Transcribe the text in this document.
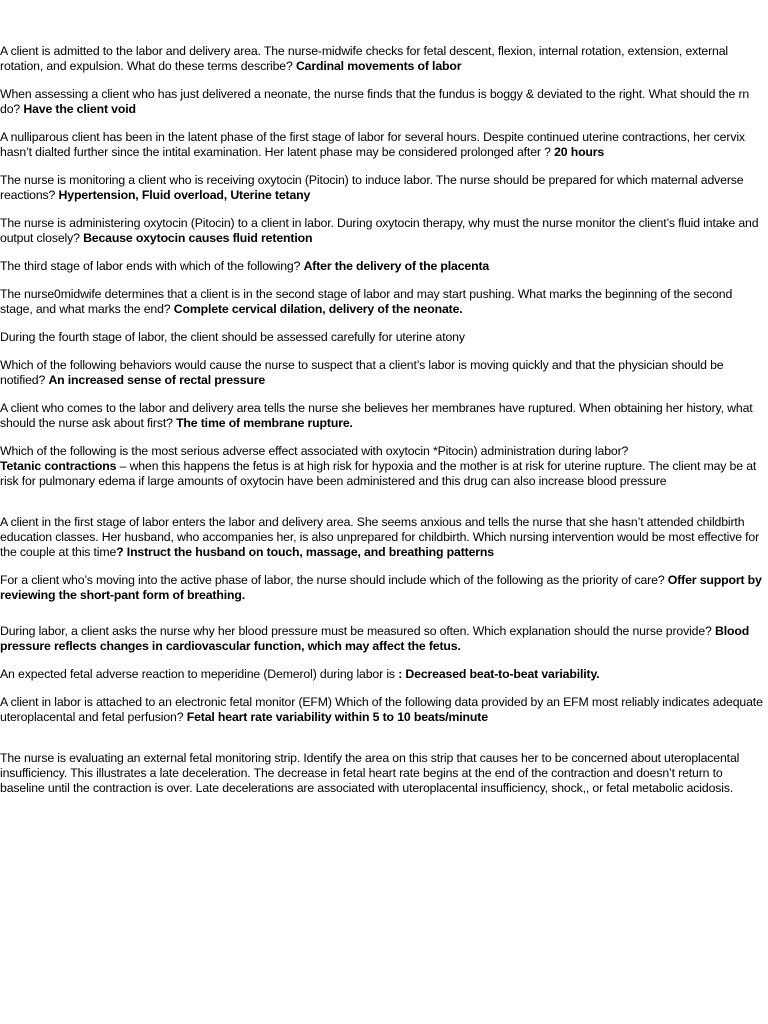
A client is admitted to the labor and delivery area. The nurse-midwife checks for fetal descent, flexion, internal rotation, extension, external rotation, and expulsion. What do these terms describe? Cardinal movements of labor

When assessing a client who has just delivered a neonate, the nurse finds that the fundus is boggy & deviated to the right. What should the rn do? Have the client void

A nulliparous client has been in the latent phase of the first stage of labor for several hours. Despite continued uterine contractions, her cervix hasn’t dialted further since the intital examination. Her latent phase may be considered prolonged after ? 20 hours

The nurse is monitoring a client who is receiving oxytocin (Pitocin) to induce labor. The nurse should be prepared for which maternal adverse reactions? Hypertension, Fluid overload, Uterine tetany

The nurse is administering oxytocin (Pitocin) to a client in labor. During oxytocin therapy, why must the nurse monitor the client’s fluid intake and output closely? Because oxytocin causes fluid retention

The third stage of labor ends with which of the following? After the delivery of the placenta

The nurse0midwife determines that a client is in the second stage of labor and may start pushing. What marks the beginning of the second stage, and what marks the end? Complete cervical dilation, delivery of the neonate.

During the fourth stage of labor, the client should be assessed carefully for uterine atony

Which of the following behaviors would cause the nurse to suspect that a client’s labor is moving quickly and that the physician should be notified? An increased sense of rectal pressure

A client who comes to the labor and delivery area tells the nurse she believes her membranes have ruptured. When obtaining her history, what should the nurse ask about first? The time of membrane rupture.

Which of the following is the most serious adverse effect associated with oxytocin *Pitocin) administration during labor?
Tetanic contractions – when this happens the fetus is at high risk for hypoxia and the mother is at risk for uterine rupture. The client may be at risk for pulmonary edema if large amounts of oxytocin have been administered and this drug can also increase blood pressure

A client in the first stage of labor enters the labor and delivery area. She seems anxious and tells the nurse that she hasn’t attended childbirth education classes. Her husband, who accompanies her, is also unprepared for childbirth. Which nursing intervention would be most effective for the couple at this time? Instruct the husband on touch, massage, and breathing patterns

For a client who’s moving into the active phase of labor, the nurse should include which of the following as the priority of care? Offer support by reviewing the short-pant form of breathing.

During labor, a client asks the nurse why her blood pressure must be measured so often. Which explanation should the nurse provide? Blood pressure reflects changes in cardiovascular function, which may affect the fetus.

An expected fetal adverse reaction to meperidine (Demerol) during labor is : Decreased beat-to-beat variability.

A client in labor is attached to an electronic fetal monitor (EFM) Which of the following data provided by an EFM most reliably indicates adequate uteroplacental and fetal perfusion? Fetal heart rate variability within 5 to 10 beats/minute

The nurse is evaluating an external fetal monitoring strip. Identify the area on this strip that causes her to be concerned about uteroplacental insufficiency. This illustrates a late deceleration. The decrease in fetal heart rate begins at the end of the contraction and doesn’t return to baseline until the contraction is over. Late decelerations are associated with uteroplacental insufficiency, shock,, or fetal metabolic acidosis.
